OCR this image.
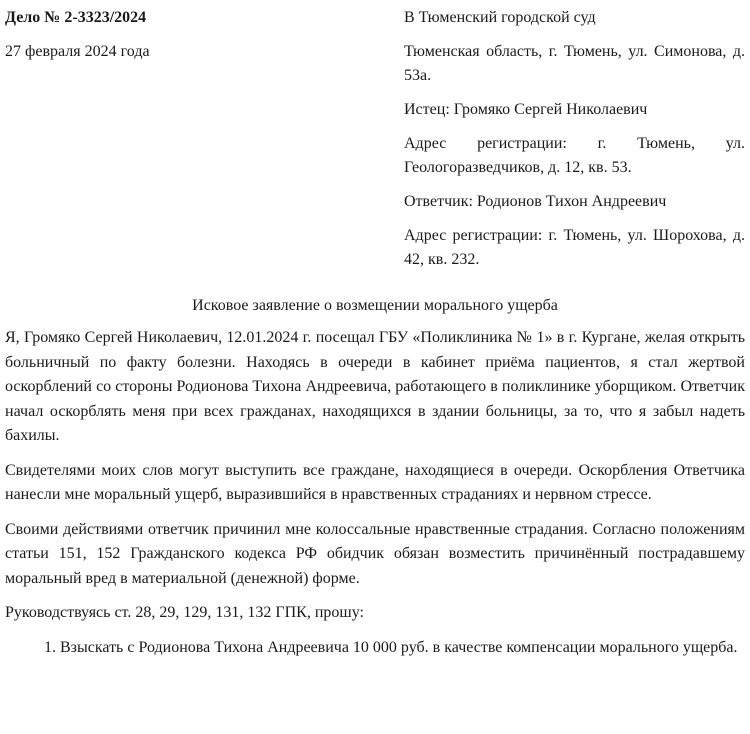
Дело № 2-3323/2024

27 февраля 2024 года

В Тюменский городской суд

Тюменская область, г. Тюмень, ул. Симонова, д. 53а.

Истец: Громяко Сергей Николаевич

Адрес регистрации: г. Тюмень, ул. Геологоразведчиков, д. 12, кв. 53.

Ответчик: Родионов Тихон Андреевич

Адрес регистрации: г. Тюмень, ул. Шорохова, д. 42, кв. 232.

Исковое заявление о возмещении морального ущерба

Я, Громяко Сергей Николаевич, 12.01.2024 г. посещал ГБУ «Поликлиника № 1» в г. Кургане, желая открыть больничный по факту болезни. Находясь в очереди в кабинет приёма пациентов, я стал жертвой оскорблений со стороны Родионова Тихона Андреевича, работающего в поликлинике уборщиком. Ответчик начал оскорблять меня при всех гражданах, находящихся в здании больницы, за то, что я забыл надеть бахилы.

Свидетелями моих слов могут выступить все граждане, находящиеся в очереди. Оскорбления Ответчика нанесли мне моральный ущерб, выразившийся в нравственных страданиях и нервном стрессе.

Своими действиями ответчик причинил мне колоссальные нравственные страдания. Согласно положениям статьи 151, 152 Гражданского кодекса РФ обидчик обязан возместить причинённый пострадавшему моральный вред в материальной (денежной) форме.

Руководствуясь ст. 28, 29, 129, 131, 132 ГПК, прошу:

1. Взыскать с Родионова Тихона Андреевича 10 000 руб. в качестве компенсации морального ущерба.
